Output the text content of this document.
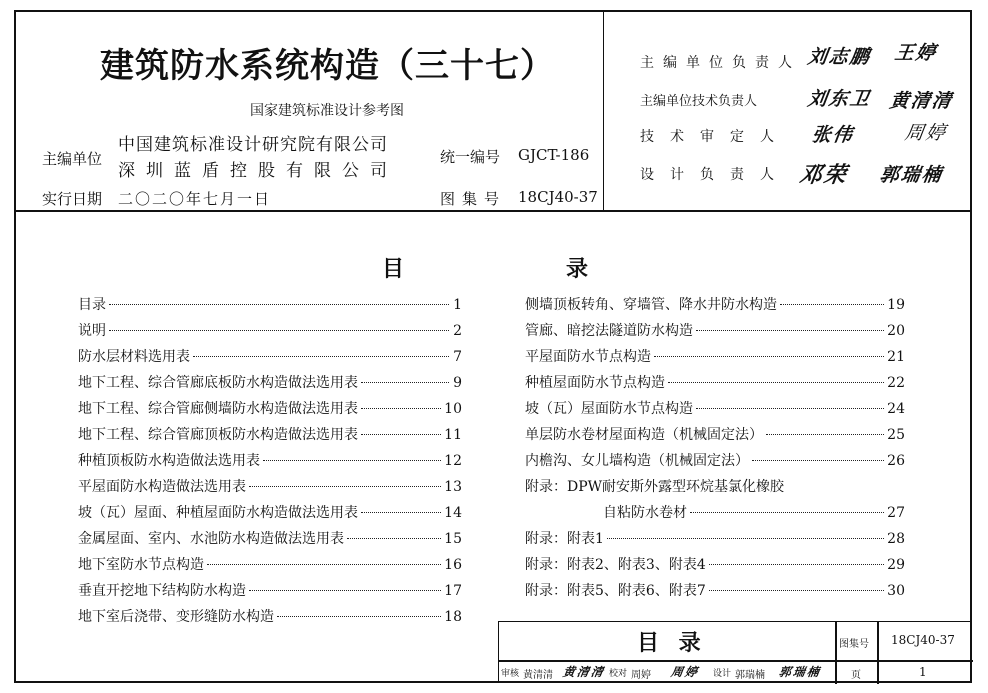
建筑防水系统构造（三十七）
国家建筑标准设计参考图
主编单位
中国建筑标准设计研究院有限公司
深圳蓝盾控股有限公司
统一编号 GJCT-186
实行日期 二〇二〇年七月一日	图集号 18CJ40-37
主编单位负责人 刘志鹏 王婷
主编单位技术负责人	刘东卫 黄清清
技术审定人 张伟	周婷
设计负责人 邓荣 郭瑞楠
目	录
目录	1
说明	2
防水层材料选用表	7
地下工程、综合管廊底板防水构造做法选用表	9
地下工程、综合管廊侧墙防水构造做法选用表	10
地下工程、综合管廊顶板防水构造做法选用表	11
种植顶板防水构造做法选用表	12
平屋面防水构造做法选用表	13
坡（瓦）屋面、种植屋面防水构造做法选用表	14
金属屋面、室内、水池防水构造做法选用表	15
地下室防水节点构造	16
垂直开挖地下结构防水构造	17
地下室后浇带、变形缝防水构造	18
侧墙顶板转角、穿墙管、降水井防水构造	19
管廊、暗挖法隧道防水构造	20
平屋面防水节点构造	21
种植屋面防水节点构造	22
坡（瓦）屋面防水节点构造	24
单层防水卷材屋面构造（机械固定法）	25
内檐沟、女儿墙构造（机械固定法）	26
附录：DPW耐安斯外露型环烷基氯化橡胶
自粘防水卷材	27
附录：附表1	28
附录：附表2、附表3、附表4	29
附录：附表5、附表6、附表7	30
目 录	图集号 18CJ40-37
审核 黄清清 黄清清 校对 周婷 周婷 设计 郭瑞楠 郭瑞楠	页	1
